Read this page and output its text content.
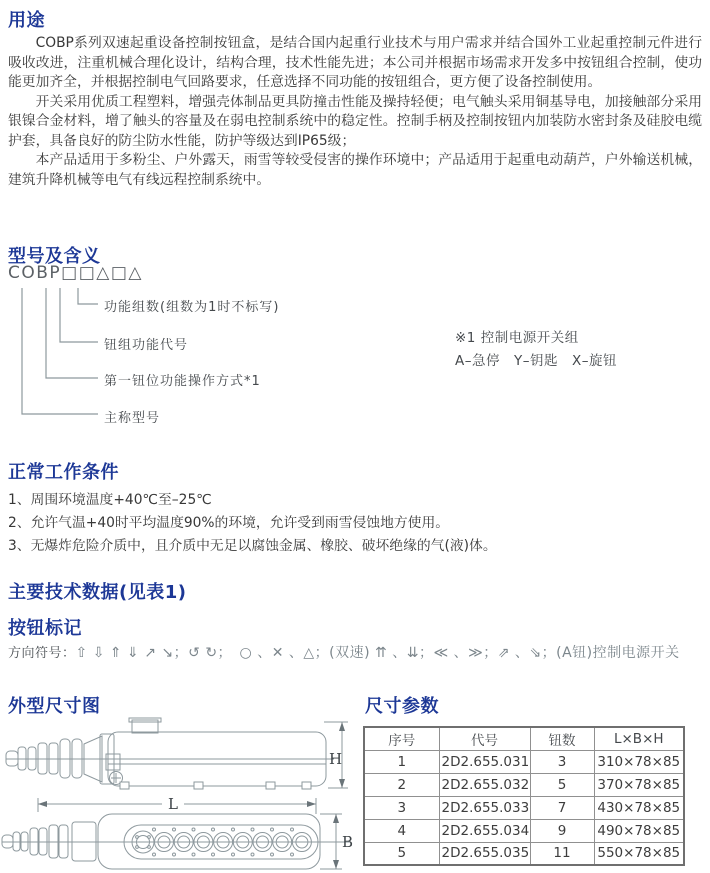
用途

COBP系列双速起重设备控制按钮盒，是结合国内起重行业技术与用户需求并结合国外工业起重控制元件进行吸收改进，注重机械合理化设计，结构合理，技术性能先进；本公司并根据市场需求开发多中按钮组合控制，使功能更加齐全，并根据控制电气回路要求，任意选择不同功能的按钮组合，更方便了设备控制使用。

开关采用优质工程塑料，增强壳体制品更具防撞击性能及操持轻便；电气触头采用铜基导电，加接触部分采用银镍合金材料，增了触头的容量及在弱电控制系统中的稳定性。控制手柄及控制按钮内加装防水密封条及硅胶电缆护套，具备良好的防尘防水性能，防护等级达到IP65级；

本产品适用于多粉尘、户外露天，雨雪等较受侵害的操作环境中；产品适用于起重电动葫芦，户外输送机械，建筑升降机械等电气有线远程控制系统中。

型号及含义
COBP□□△□△
功能组数(组数为1时不标写)
钮组功能代号
第一钮位功能操作方式*1
主称型号
※1 控制电源开关组
A–急停　Y–钥匙　X–旋钮
正常工作条件
1、周围环境温度+40℃至–25℃
2、允许气温+40时平均温度90%的环境，允许受到雨雪侵蚀地方使用。
3、无爆炸危险介质中，且介质中无足以腐蚀金属、橡胶、破坏绝缘的气(液)体。
主要技术数据(见表1)
按钮标记
方向符号：⇧ ⇩ ⇑ ⇓ ↗ ↘；↺ ↻；　○ 、✕ 、△；(双速) ⇈ 、⇊；≪ 、≫；⇗ 、⇘；(A钮)控制电源开关
外型尺寸图	尺寸参数
H
L
B
序号	代号	钮数	L×B×H
1	2D2.655.031	3	310×78×85
2	2D2.655.032	5	370×78×85
3	2D2.655.033	7	430×78×85
4	2D2.655.034	9	490×78×85
5	2D2.655.035	11	550×78×85
